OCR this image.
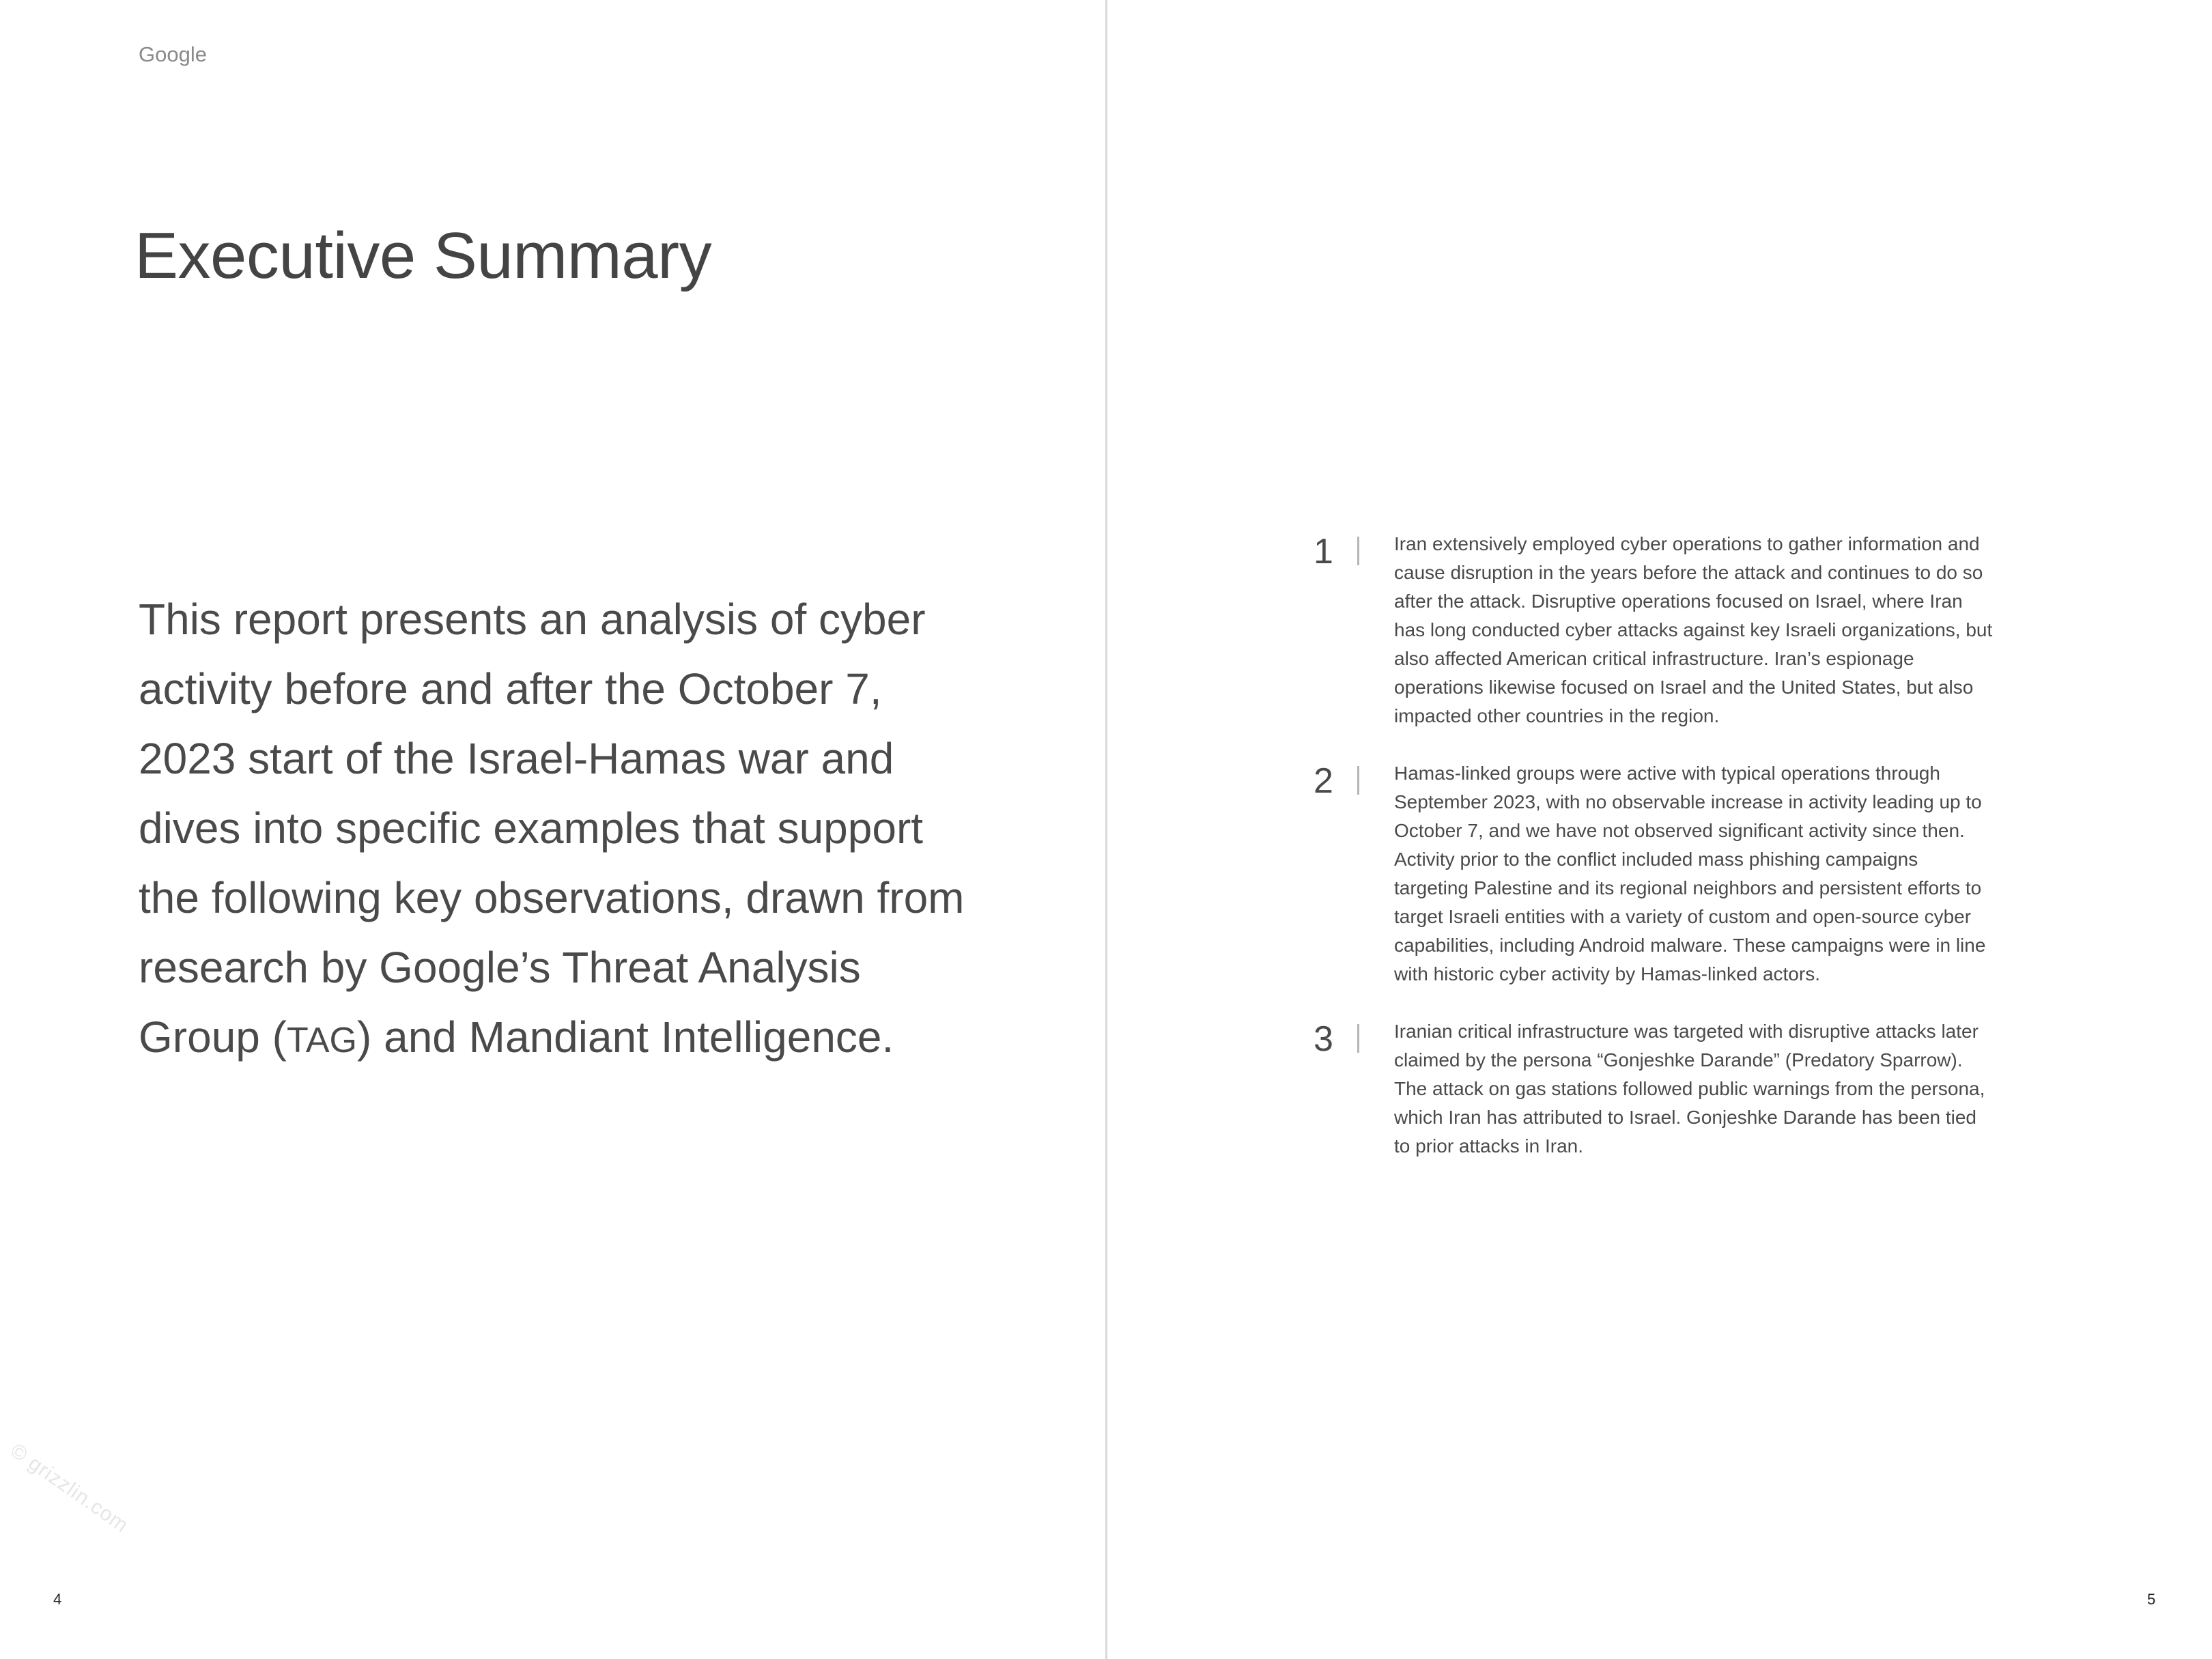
Google
Executive Summary

This report presents an analysis of cyber activity before and after the October 7, 2023 start of the Israel-Hamas war and dives into specific examples that support the following key observations, drawn from research by Google’s Threat Analysis Group (TAG) and Mandiant Intelligence.

© grizzlin.com
4
1	Iran extensively employed cyber operations to gather information and cause disruption in the years before the attack and continues to do so after the attack. Disruptive operations focused on Israel, where Iran has long conducted cyber attacks against key Israeli organizations, but also affected American critical infrastructure. Iran’s espionage operations likewise focused on Israel and the United States, but also impacted other countries in the region.

2	Hamas-linked groups were active with typical operations through September 2023, with no observable increase in activity leading up to October 7, and we have not observed significant activity since then. Activity prior to the conflict included mass phishing campaigns targeting Palestine and its regional neighbors and persistent efforts to target Israeli entities with a variety of custom and open-source cyber capabilities, including Android malware. These campaigns were in line with historic cyber activity by Hamas-linked actors.

3	Iranian critical infrastructure was targeted with disruptive attacks later claimed by the persona “Gonjeshke Darande” (Predatory Sparrow). The attack on gas stations followed public warnings from the persona, which Iran has attributed to Israel. Gonjeshke Darande has been tied to prior attacks in Iran.

5
